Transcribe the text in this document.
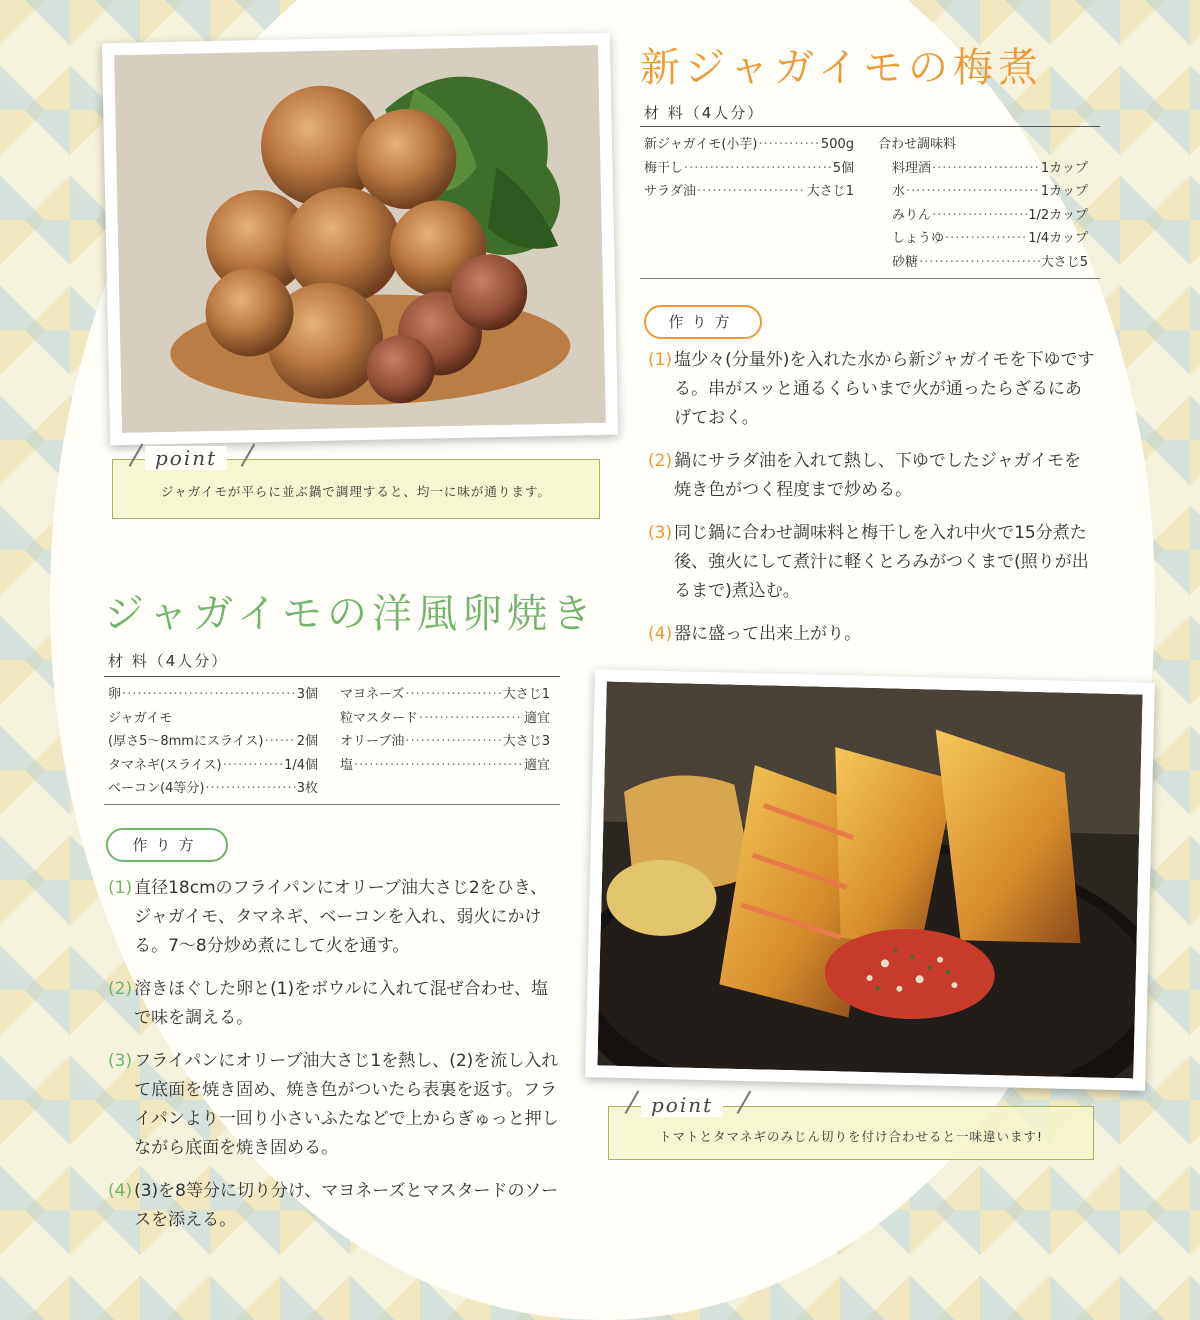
新ジャガイモの梅煮
材 料（4人分）
新ジャガイモ(小芋) ·····	500g
梅干し ·····	5個
サラダ油 ·····	大さじ1
合わせ調味料
料理酒 ·····	1カップ
水 ·····	1カップ
みりん ·····	1/2カップ
しょうゆ ·····	1/4カップ
砂糖 ·····	大さじ5
作り方
(1) 塩少々(分量外)を入れた水から新ジャガイモを下ゆでする。串がスッと通るくらいまで火が通ったらざるにあげておく。
(2) 鍋にサラダ油を入れて熱し、下ゆでしたジャガイモを焼き色がつく程度まで炒める。
(3) 同じ鍋に合わせ調味料と梅干しを入れ中火で15分煮た後、強火にして煮汁に軽くとろみがつくまで(照りが出るまで)煮込む。
(4) 器に盛って出来上がり。
point
ジャガイモが平らに並ぶ鍋で調理すると、均一に味が通ります。
ジャガイモの洋風卵焼き
材 料（4人分）
卵 ·····	3個
ジャガイモ
(厚さ5〜8mmにスライス) ·····	2個
タマネギ(スライス) ·····	1/4個
ベーコン(4等分) ·····	3枚
マヨネーズ ·····	大さじ1
粒マスタード ·····	適宜
オリーブ油 ·····	大さじ3
塩 ·····	適宜
作り方
(1) 直径18cmのフライパンにオリーブ油大さじ2をひき、ジャガイモ、タマネギ、ベーコンを入れ、弱火にかける。7〜8分炒め煮にして火を通す。
(2) 溶きほぐした卵と(1)をボウルに入れて混ぜ合わせ、塩で味を調える。
(3) フライパンにオリーブ油大さじ1を熱し、(2)を流し入れて底面を焼き固め、焼き色がついたら表裏を返す。フライパンより一回り小さいふたなどで上からぎゅっと押しながら底面を焼き固める。
(4) (3)を8等分に切り分け、マヨネーズとマスタードのソースを添える。
point
トマトとタマネギのみじん切りを付け合わせると一味違います!
